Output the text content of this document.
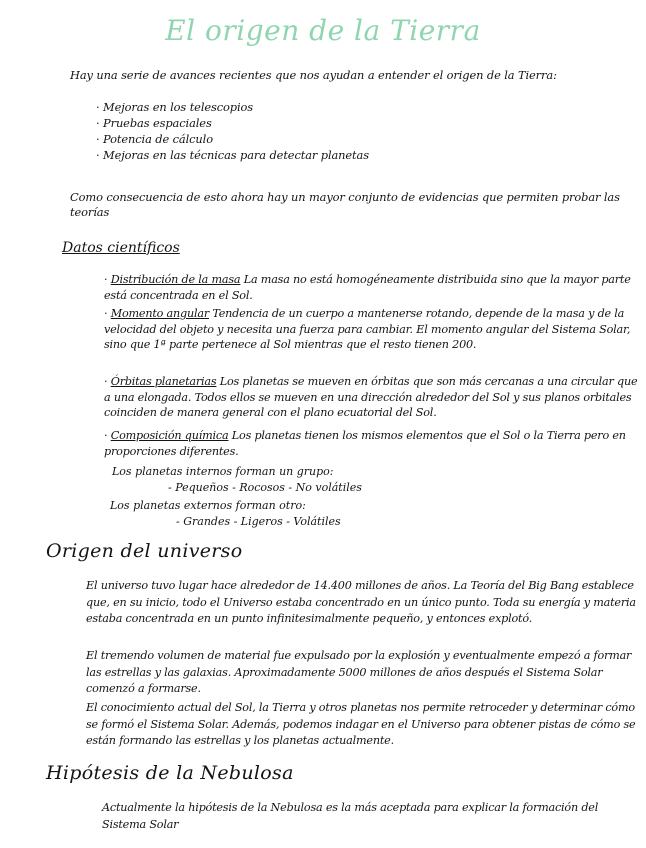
El origen de la Tierra
Hay una serie de avances recientes que nos ayudan a entender el origen de la Tierra:
· Mejoras en los telescopios
· Pruebas espaciales
· Potencia de cálculo
· Mejoras en las técnicas para detectar planetas
Como consecuencia de esto ahora hay un mayor conjunto de evidencias que permiten probar las teorías
Datos científicos
· Distribución de la masa La masa no está homogéneamente distribuida sino que la mayor parte está concentrada en el Sol.
· Momento angular Tendencia de un cuerpo a mantenerse rotando, depende de la masa y de la velocidad del objeto y necesita una fuerza para cambiar. El momento angular del Sistema Solar, sino que 1ª parte pertenece al Sol mientras que el resto tienen 200.
· Órbitas planetarias Los planetas se mueven en órbitas que son más cercanas a una circular que a una elongada. Todos ellos se mueven en una dirección alrededor del Sol y sus planos orbitales coinciden de manera general con el plano ecuatorial del Sol.
· Composición química Los planetas tienen los mismos elementos que el Sol o la Tierra pero en proporciones diferentes.
Los planetas internos forman un grupo:
- Pequeños - Rocosos - No volátiles
Los planetas externos forman otro:
- Grandes - Ligeros - Volátiles
Origen del universo
El universo tuvo lugar hace alrededor de 14.400 millones de años. La Teoría del Big Bang establece que, en su inicio, todo el Universo estaba concentrado en un único punto. Toda su energía y materia estaba concentrada en un punto infinitesimalmente pequeño, y entonces explotó.
El tremendo volumen de material fue expulsado por la explosión y eventualmente empezó a formar las estrellas y las galaxias. Aproximadamente 5000 millones de años después el Sistema Solar comenzó a formarse.
El conocimiento actual del Sol, la Tierra y otros planetas nos permite retroceder y determinar cómo se formó el Sistema Solar. Además, podemos indagar en el Universo para obtener pistas de cómo se están formando las estrellas y los planetas actualmente.
Hipótesis de la Nebulosa
Actualmente la hipótesis de la Nebulosa es la más aceptada para explicar la formación del Sistema Solar
